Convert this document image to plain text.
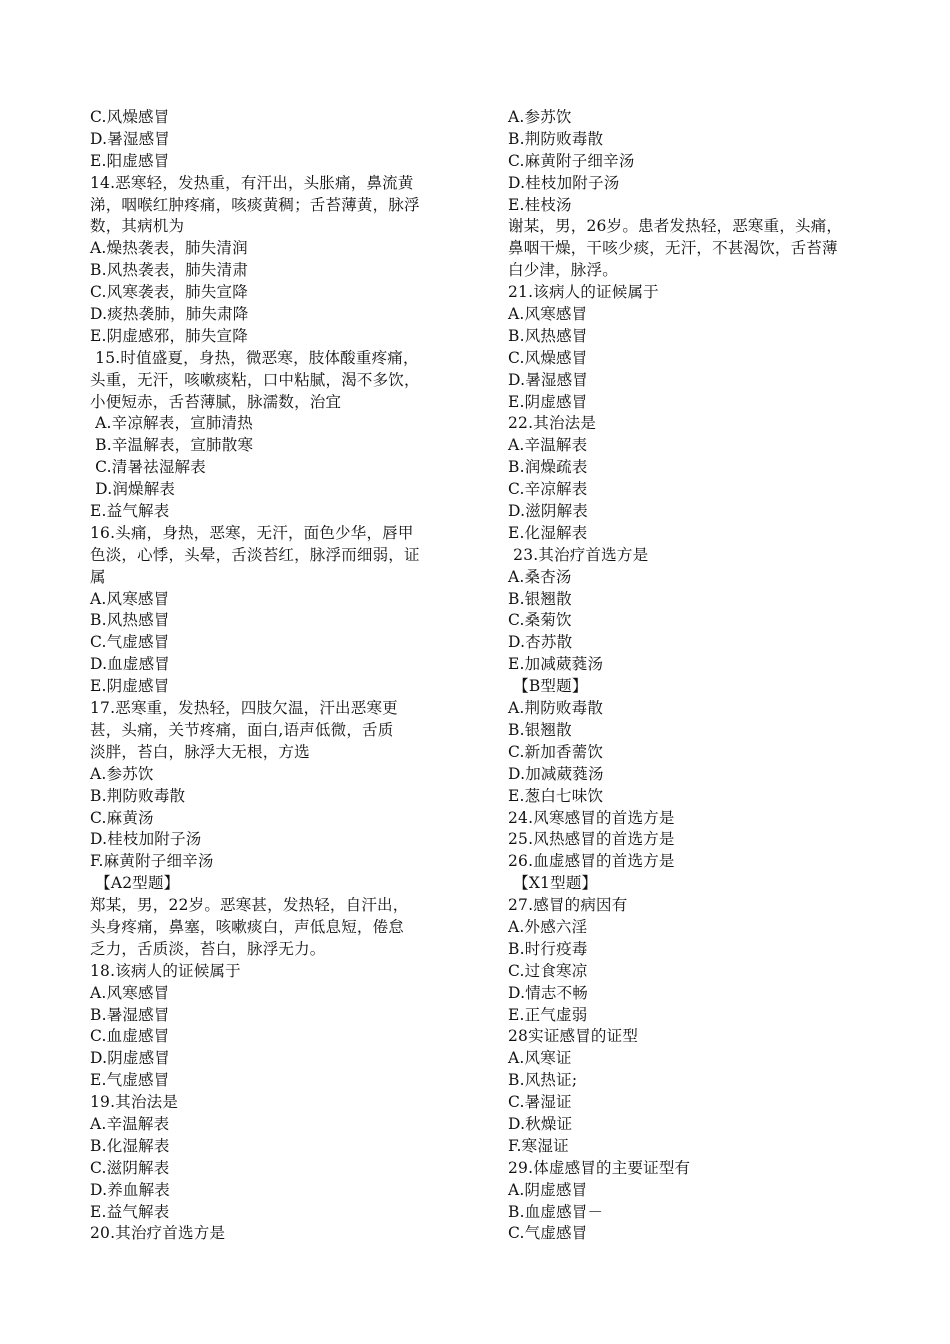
C.风燥感冒
D.暑湿感冒
E.阳虚感冒
14.恶寒轻，发热重，有汗出，头胀痛，鼻流黄
涕，咽喉红肿疼痛，咳痰黄稠；舌苔薄黄，脉浮
数，其病机为
A.燥热袭表，肺失清润
B.风热袭表，肺失清肃
C.风寒袭表，肺失宣降
D.痰热袭肺，肺失肃降
E.阴虚感邪，肺失宣降
15.时值盛夏，身热，微恶寒，肢体酸重疼痛，
头重，无汗，咳嗽痰粘，口中粘腻，渴不多饮，
小便短赤，舌苔薄腻，脉濡数，治宜
A.辛凉解表，宣肺清热
B.辛温解表，宣肺散寒
C.清暑祛湿解表
D.润燥解表
E.益气解表
16.头痛，身热，恶寒，无汗，面色少华，唇甲
色淡，心悸，头晕，舌淡苔红，脉浮而细弱，证
属
A.风寒感冒
B.风热感冒
C.气虚感冒
D.血虚感冒
E.阴虚感冒
17.恶寒重，发热轻，四肢欠温，汗出恶寒更
甚，头痛，关节疼痛，面白,语声低微，舌质
淡胖，苔白，脉浮大无根，方选
A.参苏饮
B.荆防败毒散
C.麻黄汤
D.桂枝加附子汤
F.麻黄附子细辛汤
【A2型题】
郑某，男，22岁。恶寒甚，发热轻，自汗出，
头身疼痛，鼻塞，咳嗽痰白，声低息短，倦怠
乏力，舌质淡，苔白，脉浮无力。
18.该病人的证候属于
A.风寒感冒
B.暑湿感冒
C.血虚感冒
D.阴虚感冒
E.气虚感冒
19.其治法是
A.辛温解表
B.化湿解表
C.滋阴解表
D.养血解表
E.益气解表
20.其治疗首选方是
A.参苏饮
B.荆防败毒散
C.麻黄附子细辛汤
D.桂枝加附子汤
E.桂枝汤
谢某，男，26岁。患者发热轻，恶寒重，头痛，
鼻咽干燥，干咳少痰，无汗，不甚渴饮，舌苔薄
白少津，脉浮。
21.该病人的证候属于
A.风寒感冒
B.风热感冒
C.风燥感冒
D.暑湿感冒
E.阴虚感冒
22.其治法是
A.辛温解表
B.润燥疏表
C.辛凉解表
D.滋阴解表
E.化湿解表
23.其治疗首选方是
A.桑杏汤
B.银翘散
C.桑菊饮
D.杏苏散
E.加减葳蕤汤
【B型题】
A.荆防败毒散
B.银翘散
C.新加香薷饮
D.加减葳蕤汤
E.葱白七味饮
24.风寒感冒的首选方是
25.风热感冒的首选方是
26.血虚感冒的首选方是
【X1型题】
27.感冒的病因有
A.外感六淫
B.时行疫毒
C.过食寒凉
D.情志不畅
E.正气虚弱
28实证感冒的证型
A.风寒证
B.风热证;
C.暑湿证
D.秋燥证
F.寒湿证
29.体虚感冒的主要证型有
A.阴虚感冒
B.血虚感冒－
C.气虚感冒
